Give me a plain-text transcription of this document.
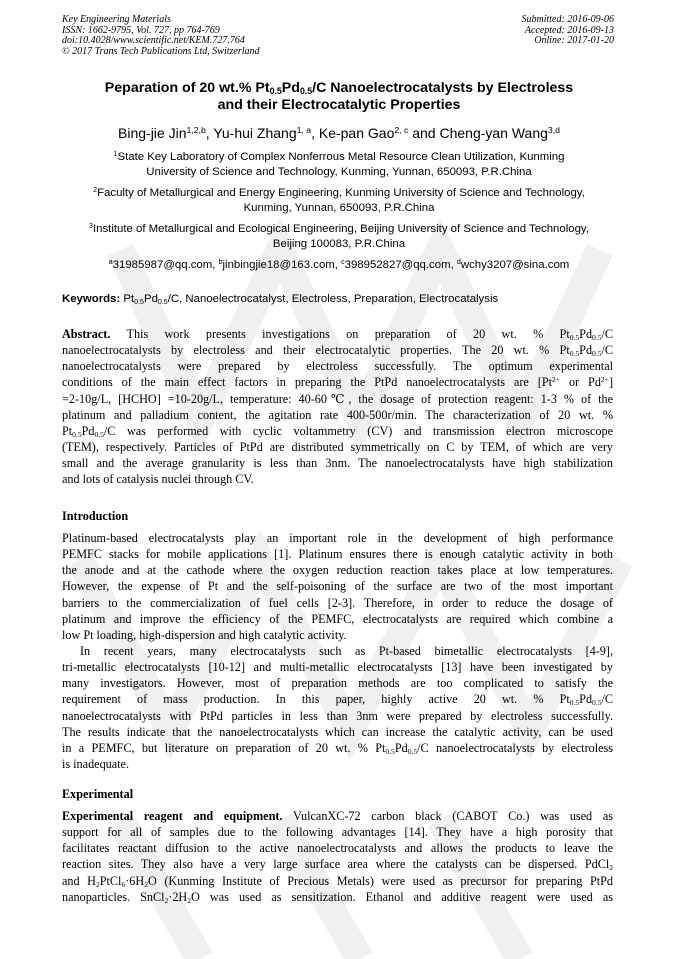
Key Engineering Materials
ISSN: 1662-9795, Vol. 727, pp 764-769
doi:10.4028/www.scientific.net/KEM.727.764
© 2017 Trans Tech Publications Ltd, Switzerland
Submitted: 2016-09-06
Accepted: 2016-09-13
Online: 2017-01-20
Peparation of 20 wt.% $Pt_{0.5}Pd_{0.5}/C$ Nanoelectrocatalysts by Electroless
and their Electrocatalytic Properties
Bing-jie Jin$^{1,2,b}$, Yu-hui Zhang$^{1, a}$, Ke-pan Gao$^{2, c}$ and Cheng-yan Wang$^{3,d}$
$^1$State Key Laboratory of Complex Nonferrous Metal Resource Clean Utilization, Kunming
University of Science and Technology, Kunming, Yunnan, 650093, P.R.China
$^2$Faculty of Metallurgical and Energy Engineering, Kunming University of Science and Technology,
Kunming, Yunnan, 650093, P.R.China
$^3$Institute of Metallurgical and Ecological Engineering, Beijing University of Science and Technology,
Beijing 100083, P.R.China
$^a$31985987@qq.com, $^b$jinbingjie18@163.com, $^c$398952827@qq.com, $^d$wchy3207@sina.com
Keywords: $Pt_{0.5}Pd_{0.5}/C$, Nanoelectrocatalyst, Electroless, Preparation, Electrocatalysis
Abstract. This work presents investigations on preparation of 20 wt. % $Pt_{0.5}Pd_{0.5}/C$
nanoelectrocatalysts by electroless and their electrocatalytic properties. The 20 wt. % $Pt_{0.5}Pd_{0.5}/C$
nanoelectrocatalysts were prepared by electroless successfully. The optimum experimental
conditions of the main effect factors in preparing the PtPd nanoelectrocatalysts are [$Pt^{2+}$ or $Pd^{2+}$]
=2-10g/L, [HCHO] =10-20g/L, temperature: 40-60℃, the dosage of protection reagent: 1-3 % of the
platinum and palladium content, the agitation rate 400-500r/min. The characterization of 20 wt. %
$Pt_{0.5}Pd_{0.5}/C$ was performed with cyclic voltammetry (CV) and transmission electron microscope
(TEM), respectively. Particles of PtPd are distributed symmetrically on C by TEM, of which are very
small and the average granularity is less than 3nm. The nanoelectrocatalysts have high stabilization
and lots of catalysis nuclei through CV.
Introduction
Platinum-based electrocatalysts play an important role in the development of high performance
PEMFC stacks for mobile applications [1]. Platinum ensures there is enough catalytic activity in both
the anode and at the cathode where the oxygen reduction reaction takes place at low temperatures.
However, the expense of Pt and the self-poisoning of the surface are two of the most important
barriers to the commercialization of fuel cells [2-3]. Therefore, in order to reduce the dosage of
platinum and improve the efficiency of the PEMFC, electrocatalysts are required which combine a
low Pt loading, high-dispersion and high catalytic activity.
In recent years, many electrocatalysts such as Pt-based bimetallic electrocatalysts [4-9],
tri-metallic electrocatalysts [10-12] and multi-metallic electrocatalysts [13] have been investigated by
many investigators. However, most of preparation methods are too complicated to satisfy the
requirement of mass production. In this paper, highly active 20 wt. % $Pt_{0.5}Pd_{0.5}/C$
nanoelectrocatalysts with PtPd particles in less than 3nm were prepared by electroless successfully.
The results indicate that the nanoelectrocatalysts which can increase the catalytic activity, can be used
in a PEMFC, but literature on preparation of 20 wt. % $Pt_{0.5}Pd_{0.5}/C$ nanoelectrocatalysts by electroless
is inadequate.
Experimental
Experimental reagent and equipment. VulcanXC-72 carbon black (CABOT Co.) was used as
support for all of samples due to the following advantages [14]. They have a high porosity that
facilitates reactant diffusion to the active nanoelectrocatalysts and allows the products to leave the
reaction sites. They also have a very large surface area where the catalysts can be dispersed. PdCl$_2$
and $H_2PtCl_6\cdot 6H_2O$ (Kunming Institute of Precious Metals) were used as precursor for preparing PtPd
nanoparticles. $SnCl_2\cdot 2H_2O$ was used as sensitization. Ethanol and additive reagent were used as
